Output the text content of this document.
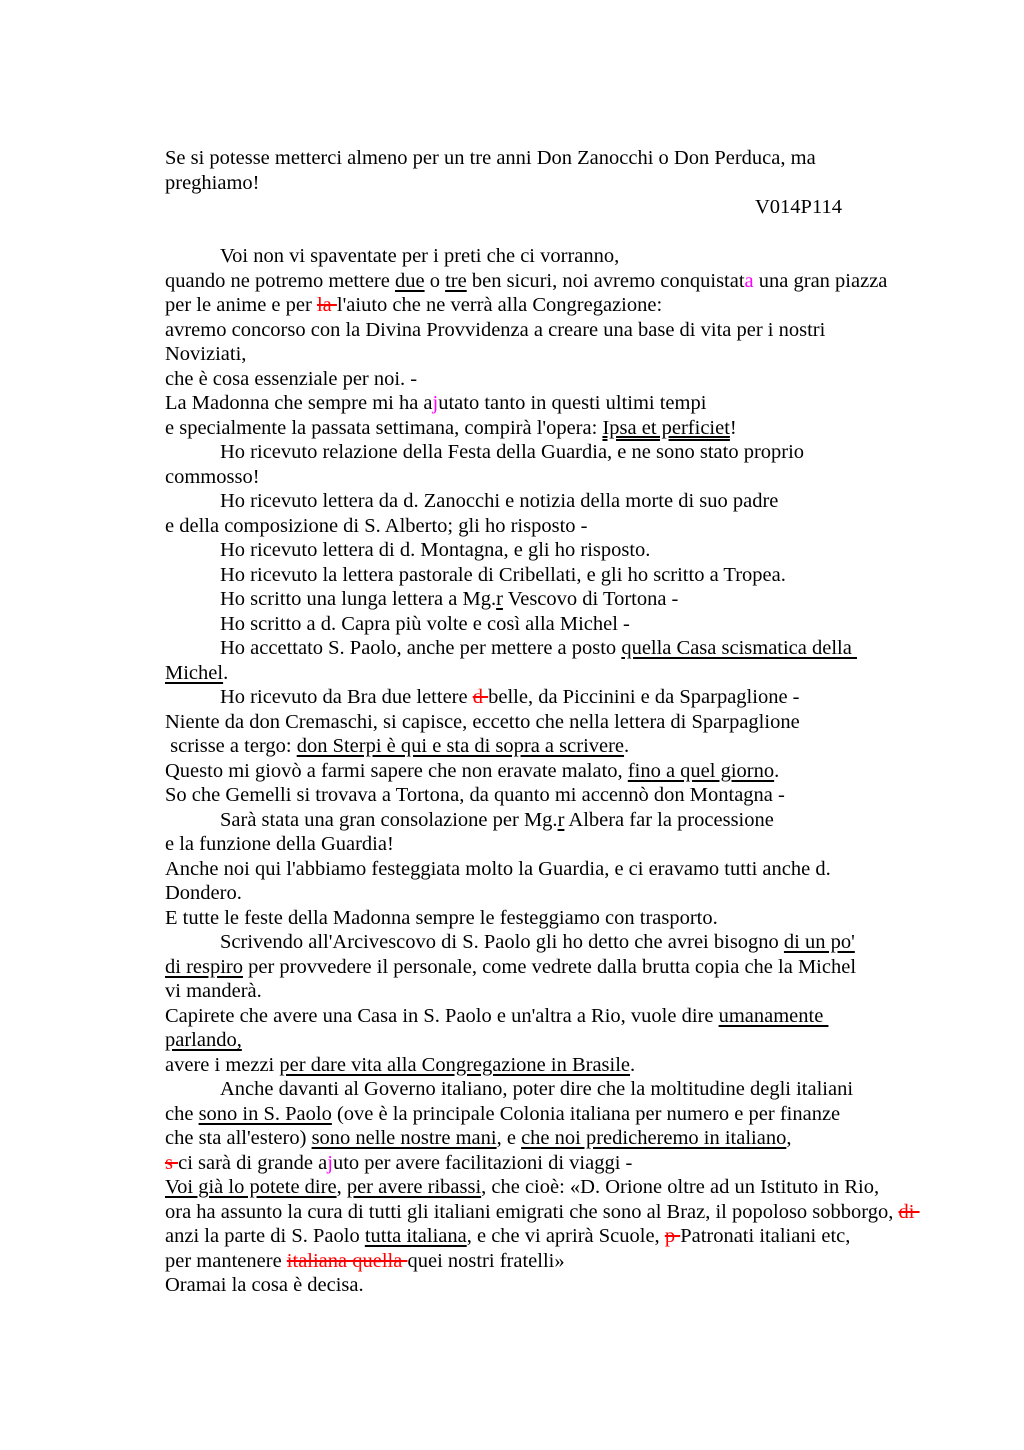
Se si potesse metterci almeno per un tre anni Don Zanocchi o Don Perduca, ma
preghiamo!
V014P114

Voi non vi spaventate per i preti che ci vorranno,
quando ne potremo mettere due o tre ben sicuri, noi avremo conquistata una gran piazza
per le anime e per la l'aiuto che ne verrà alla Congregazione:
avremo concorso con la Divina Provvidenza a creare una base di vita per i nostri
Noviziati,
che è cosa essenziale per noi. -
La Madonna che sempre mi ha ajutato tanto in questi ultimi tempi
e specialmente la passata settimana, compirà l'opera: Ipsa et perficiet!
Ho ricevuto relazione della Festa della Guardia, e ne sono stato proprio
commosso!
Ho ricevuto lettera da d. Zanocchi e notizia della morte di suo padre
e della composizione di S. Alberto; gli ho risposto -
Ho ricevuto lettera di d. Montagna, e gli ho risposto.
Ho ricevuto la lettera pastorale di Cribellati, e gli ho scritto a Tropea.
Ho scritto una lunga lettera a Mg.r Vescovo di Tortona -
Ho scritto a d. Capra più volte e così alla Michel -
Ho accettato S. Paolo, anche per mettere a posto quella Casa scismatica della
Michel.
Ho ricevuto da Bra due lettere d belle, da Piccinini e da Sparpaglione -
Niente da don Cremaschi, si capisce, eccetto che nella lettera di Sparpaglione
scrisse a tergo: don Sterpi è qui e sta di sopra a scrivere.
Questo mi giovò a farmi sapere che non eravate malato, fino a quel giorno.
So che Gemelli si trovava a Tortona, da quanto mi accennò don Montagna -
Sarà stata una gran consolazione per Mg.r Albera far la processione
e la funzione della Guardia!
Anche noi qui l'abbiamo festeggiata molto la Guardia, e ci eravamo tutti anche d.
Dondero.
E tutte le feste della Madonna sempre le festeggiamo con trasporto.
Scrivendo all'Arcivescovo di S. Paolo gli ho detto che avrei bisogno di un po'
di respiro per provvedere il personale, come vedrete dalla brutta copia che la Michel
vi manderà.
Capirete che avere una Casa in S. Paolo e un'altra a Rio, vuole dire umanamente
parlando,
avere i mezzi per dare vita alla Congregazione in Brasile.
Anche davanti al Governo italiano, poter dire che la moltitudine degli italiani
che sono in S. Paolo (ove è la principale Colonia italiana per numero e per finanze
che sta all'estero) sono nelle nostre mani, e che noi predicheremo in italiano,
s ci sarà di grande ajuto per avere facilitazioni di viaggi -
Voi già lo potete dire, per avere ribassi, che cioè: «D. Orione oltre ad un Istituto in Rio,
ora ha assunto la cura di tutti gli italiani emigrati che sono al Braz, il popoloso sobborgo, di
anzi la parte di S. Paolo tutta italiana, e che vi aprirà Scuole, p Patronati italiani etc,
per mantenere italiana quella quei nostri fratelli»
Oramai la cosa è decisa.
